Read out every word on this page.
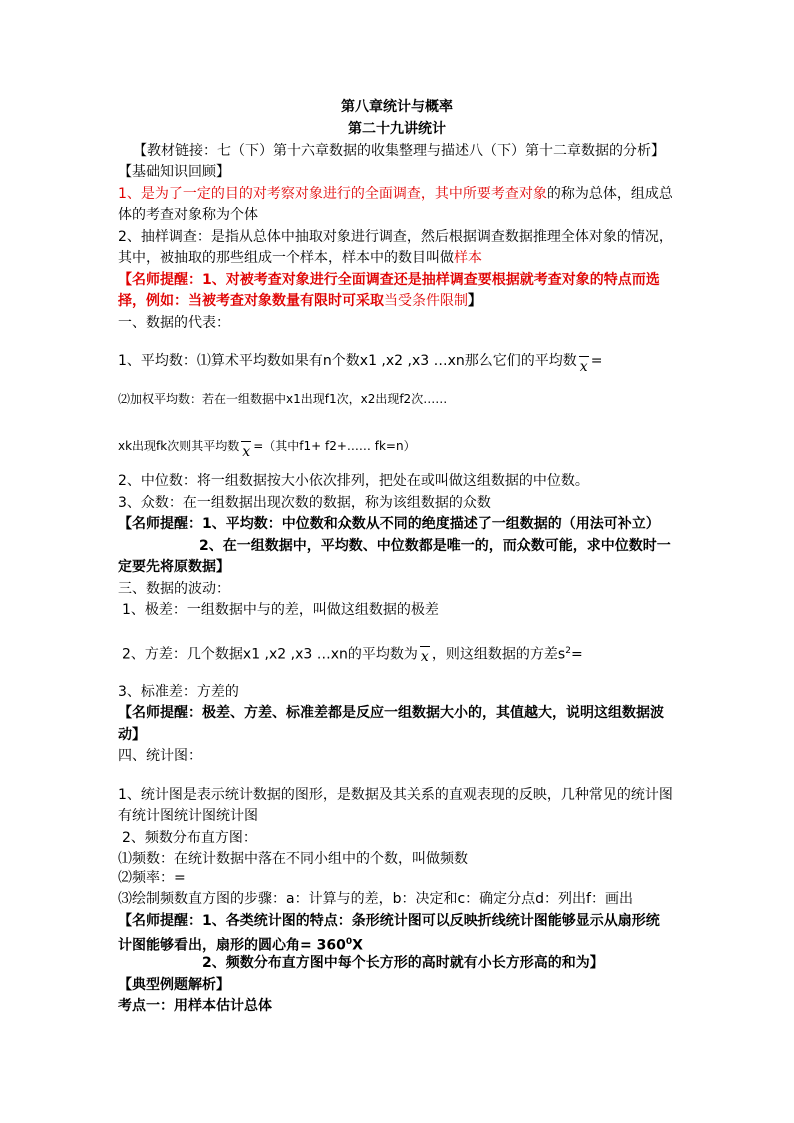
第八章统计与概率
第二十九讲统计
【教材链接：七（下）第十六章数据的收集整理与描述八（下）第十二章数据的分析】
【基础知识回顾】
1、是为了一定的目的对考察对象进行的全面调查，其中所要考查对象的称为总体，组成总
体的考查对象称为个体
2、抽样调查：是指从总体中抽取对象进行调查，然后根据调查数据推理全体对象的情况，
其中，被抽取的那些组成一个样本，样本中的数目叫做样本
【名师提醒：1、对被考查对象进行全面调查还是抽样调查要根据就考查对象的特点而选
择，例如：当被考查对象数量有限时可采取当受条件限制】
一、数据的代表：
1、平均数：⑴算术平均数如果有n个数x1 ,x2 ,x3 …xn那么它们的平均数 x =
⑵加权平均数：若在一组数据中x1出现f1次，x2出现f2次……
xk出现fk次则其平均数 x =（其中f1+ f2+…… fk=n）
2、中位数：将一组数据按大小依次排列，把处在或叫做这组数据的中位数。
3、众数：在一组数据出现次数的数据，称为该组数据的众数
【名师提醒：1、平均数：中位数和众数从不同的绝度描述了一组数据的（用法可补立）
2、在一组数据中，平均数、中位数都是唯一的，而众数可能，求中位数时一
定要先将原数据】
三、数据的波动：
1、极差：一组数据中与的差，叫做这组数据的极差
2、方差：几个数据x1 ,x2 ,x3 …xn的平均数为 x ，则这组数据的方差$s^2=$
3、标准差：方差的
【名师提醒：极差、方差、标准差都是反应一组数据大小的，其值越大，说明这组数据波
动】
四、统计图：
1、统计图是表示统计数据的图形，是数据及其关系的直观表现的反映，几种常见的统计图
有统计图统计图统计图
2、频数分布直方图：
⑴频数：在统计数据中落在不同小组中的个数，叫做频数
⑵频率：=
⑶绘制频数直方图的步骤：a：计算与的差，b：决定和c：确定分点d：列出f：画出
【名师提醒：1、各类统计图的特点：条形统计图可以反映折线统计图能够显示从扇形统
计图能够看出，扇形的圆心角= $360^0X$
2、频数分布直方图中每个长方形的高时就有小长方形高的和为】
【典型例题解析】
考点一：用样本估计总体
